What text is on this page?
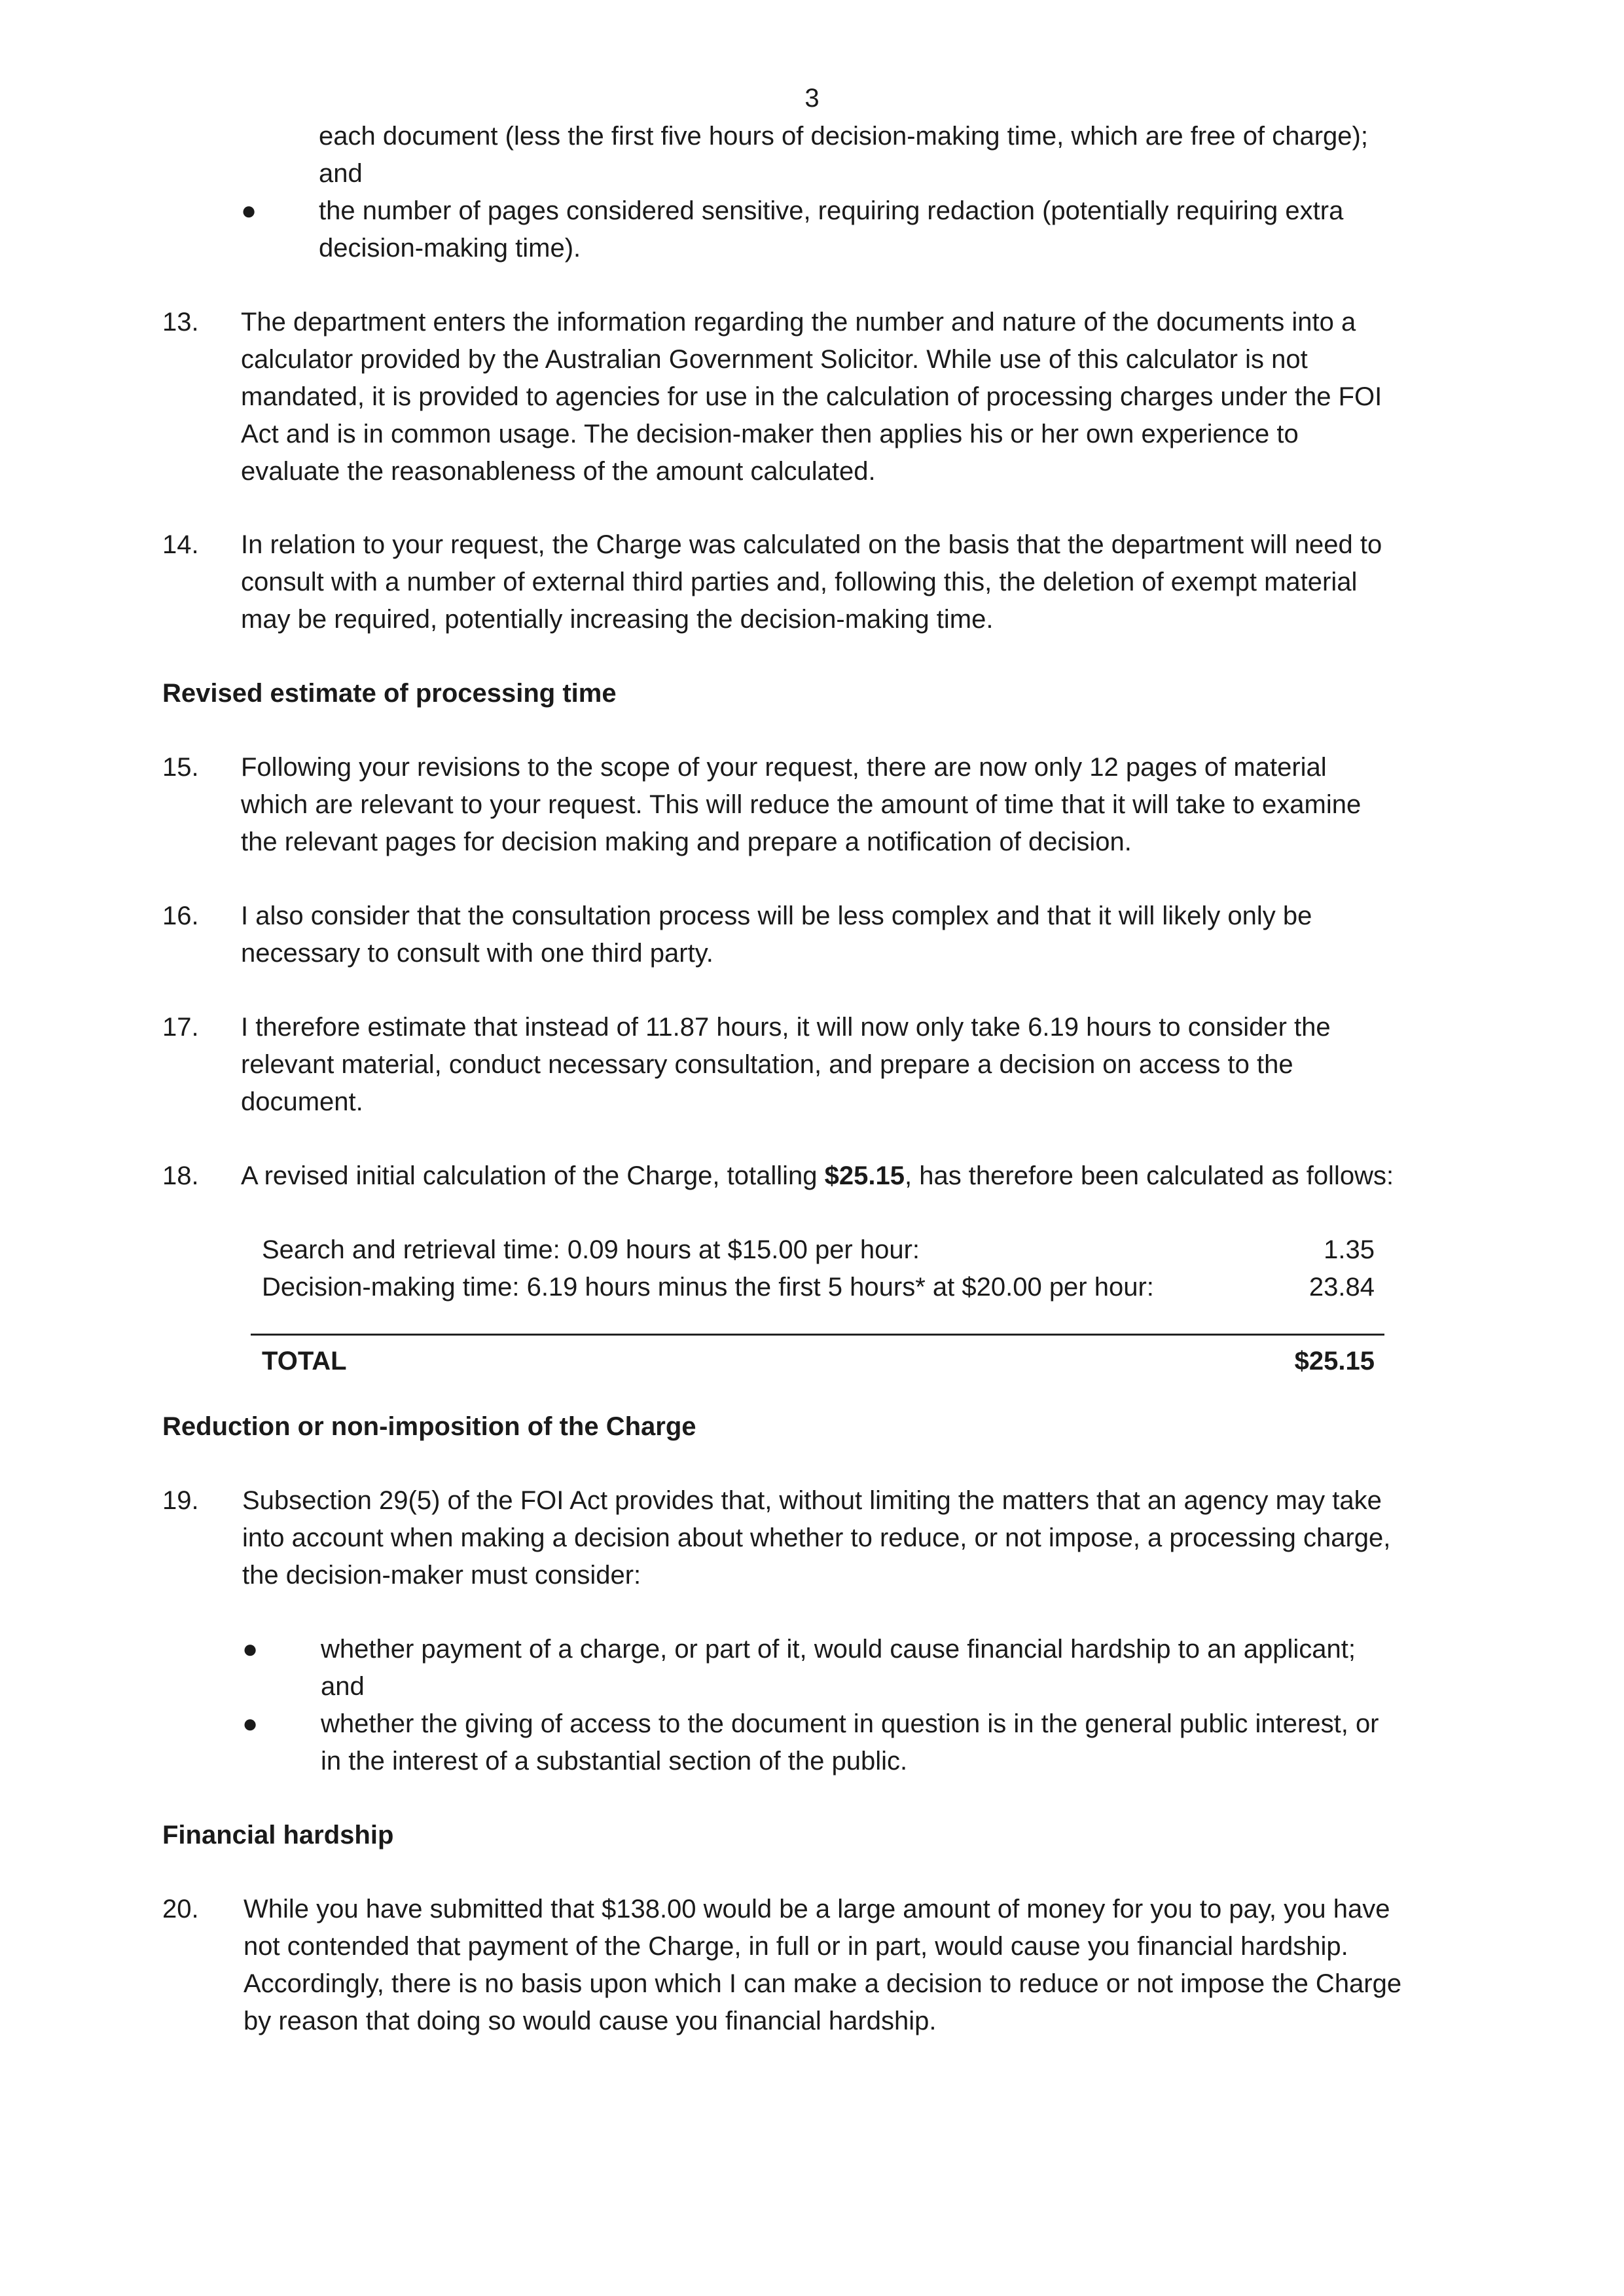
3
each document (less the first five hours of decision-making time, which are free of charge);
and
● the number of pages considered sensitive, requiring redaction (potentially requiring extra
decision-making time).
13.	The department enters the information regarding the number and nature of the documents into a
calculator provided by the Australian Government Solicitor. While use of this calculator is not
mandated, it is provided to agencies for use in the calculation of processing charges under the FOI
Act and is in common usage. The decision-maker then applies his or her own experience to
evaluate the reasonableness of the amount calculated.
14.	In relation to your request, the Charge was calculated on the basis that the department will need to
consult with a number of external third parties and, following this, the deletion of exempt material
may be required, potentially increasing the decision-making time.
Revised estimate of processing time
15.	Following your revisions to the scope of your request, there are now only 12 pages of material
which are relevant to your request. This will reduce the amount of time that it will take to examine
the relevant pages for decision making and prepare a notification of decision.
16.	I also consider that the consultation process will be less complex and that it will likely only be
necessary to consult with one third party.
17.	I therefore estimate that instead of 11.87 hours, it will now only take 6.19 hours to consider the
relevant material, conduct necessary consultation, and prepare a decision on access to the
document.
18.	A revised initial calculation of the Charge, totalling $25.15, has therefore been calculated as follows:
Search and retrieval time: 0.09 hours at $15.00 per hour:	1.35
Decision-making time: 6.19 hours minus the first 5 hours* at $20.00 per hour:	23.84
TOTAL	$25.15
Reduction or non-imposition of the Charge
19.	Subsection 29(5) of the FOI Act provides that, without limiting the matters that an agency may take
into account when making a decision about whether to reduce, or not impose, a processing charge,
the decision-maker must consider:
● whether payment of a charge, or part of it, would cause financial hardship to an applicant;
and
● whether the giving of access to the document in question is in the general public interest, or
in the interest of a substantial section of the public.
Financial hardship
20.	While you have submitted that $138.00 would be a large amount of money for you to pay, you have
not contended that payment of the Charge, in full or in part, would cause you financial hardship.
Accordingly, there is no basis upon which I can make a decision to reduce or not impose the Charge
by reason that doing so would cause you financial hardship.
